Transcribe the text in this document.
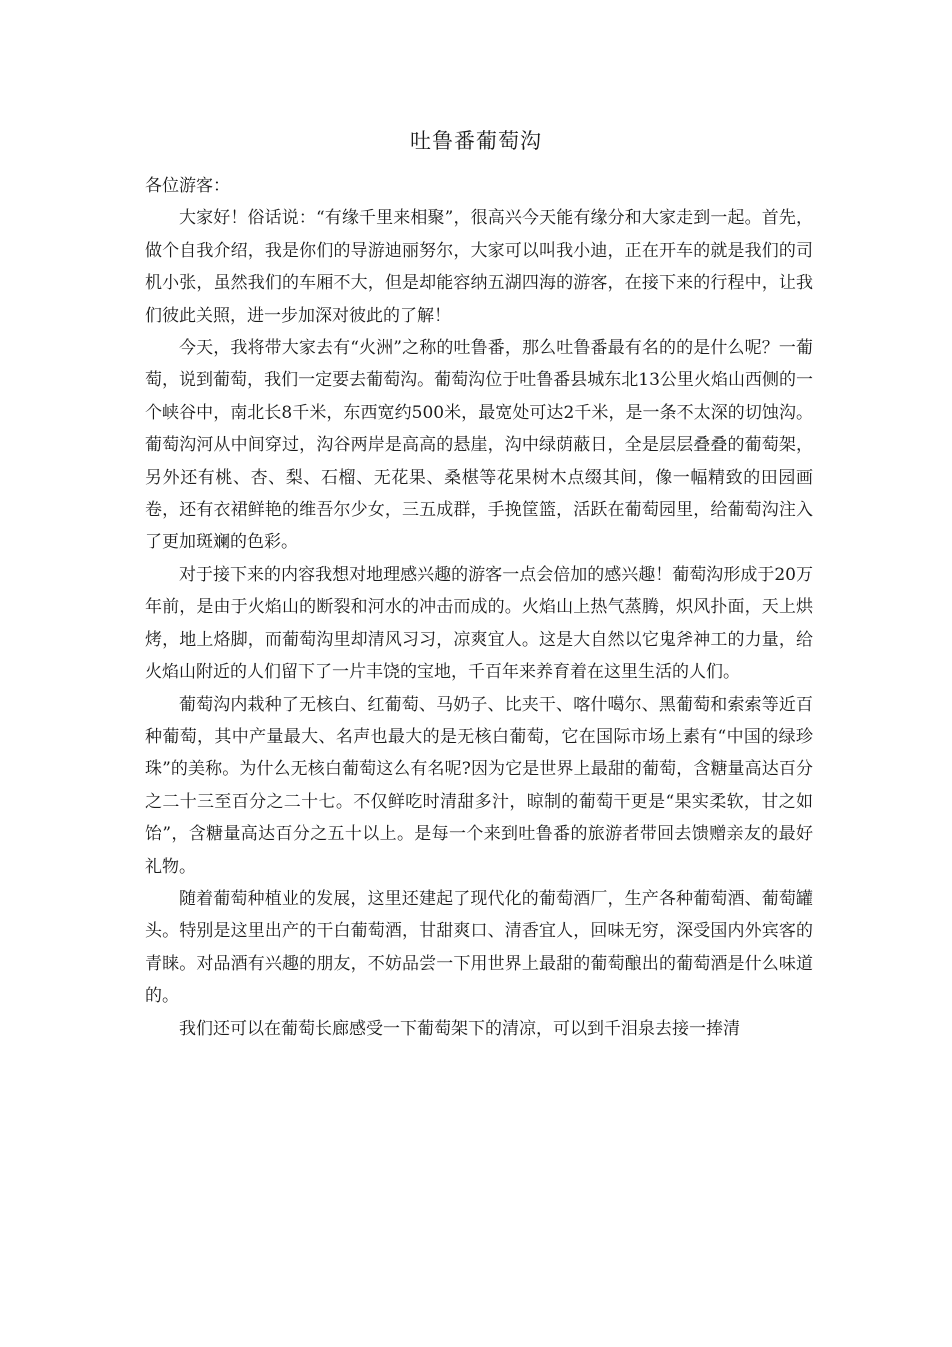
吐鲁番葡萄沟

各位游客：

大家好！俗话说：“有缘千里来相聚”，很高兴今天能有缘分和大家走到一起。首先，做个自我介绍，我是你们的导游迪丽努尔，大家可以叫我小迪，正在开车的就是我们的司机小张，虽然我们的车厢不大，但是却能容纳五湖四海的游客，在接下来的行程中，让我们彼此关照，进一步加深对彼此的了解！

今天，我将带大家去有“火洲”之称的吐鲁番，那么吐鲁番最有名的的是什么呢？一葡萄，说到葡萄，我们一定要去葡萄沟。葡萄沟位于吐鲁番县城东北13公里火焰山西侧的一个峡谷中，南北长8千米，东西宽约500米，最宽处可达2千米，是一条不太深的切蚀沟。葡萄沟河从中间穿过，沟谷两岸是高高的悬崖，沟中绿荫蔽日，全是层层叠叠的葡萄架，另外还有桃、杏、梨、石榴、无花果、桑椹等花果树木点缀其间，像一幅精致的田园画卷，还有衣裙鲜艳的维吾尔少女，三五成群，手挽筐篮，活跃在葡萄园里，给葡萄沟注入了更加斑斓的色彩。

对于接下来的内容我想对地理感兴趣的游客一点会倍加的感兴趣！葡萄沟形成于20万年前，是由于火焰山的断裂和河水的冲击而成的。火焰山上热气蒸腾，炽风扑面，天上烘烤，地上烙脚，而葡萄沟里却清风习习，凉爽宜人。这是大自然以它鬼斧神工的力量，给火焰山附近的人们留下了一片丰饶的宝地，千百年来养育着在这里生活的人们。

葡萄沟内栽种了无核白、红葡萄、马奶子、比夹干、喀什噶尔、黑葡萄和索索等近百种葡萄，其中产量最大、名声也最大的是无核白葡萄，它在国际市场上素有“中国的绿珍珠”的美称。为什么无核白葡萄这么有名呢?因为它是世界上最甜的葡萄，含糖量高达百分之二十三至百分之二十七。不仅鲜吃时清甜多汁，晾制的葡萄干更是“果实柔软，甘之如饴”，含糖量高达百分之五十以上。是每一个来到吐鲁番的旅游者带回去馈赠亲友的最好礼物。

随着葡萄种植业的发展，这里还建起了现代化的葡萄酒厂，生产各种葡萄酒、葡萄罐头。特别是这里出产的干白葡萄酒，甘甜爽口、清香宜人，回味无穷，深受国内外宾客的青睐。对品酒有兴趣的朋友，不妨品尝一下用世界上最甜的葡萄酿出的葡萄酒是什么味道的。

我们还可以在葡萄长廊感受一下葡萄架下的清凉，可以到千泪泉去接一捧清
